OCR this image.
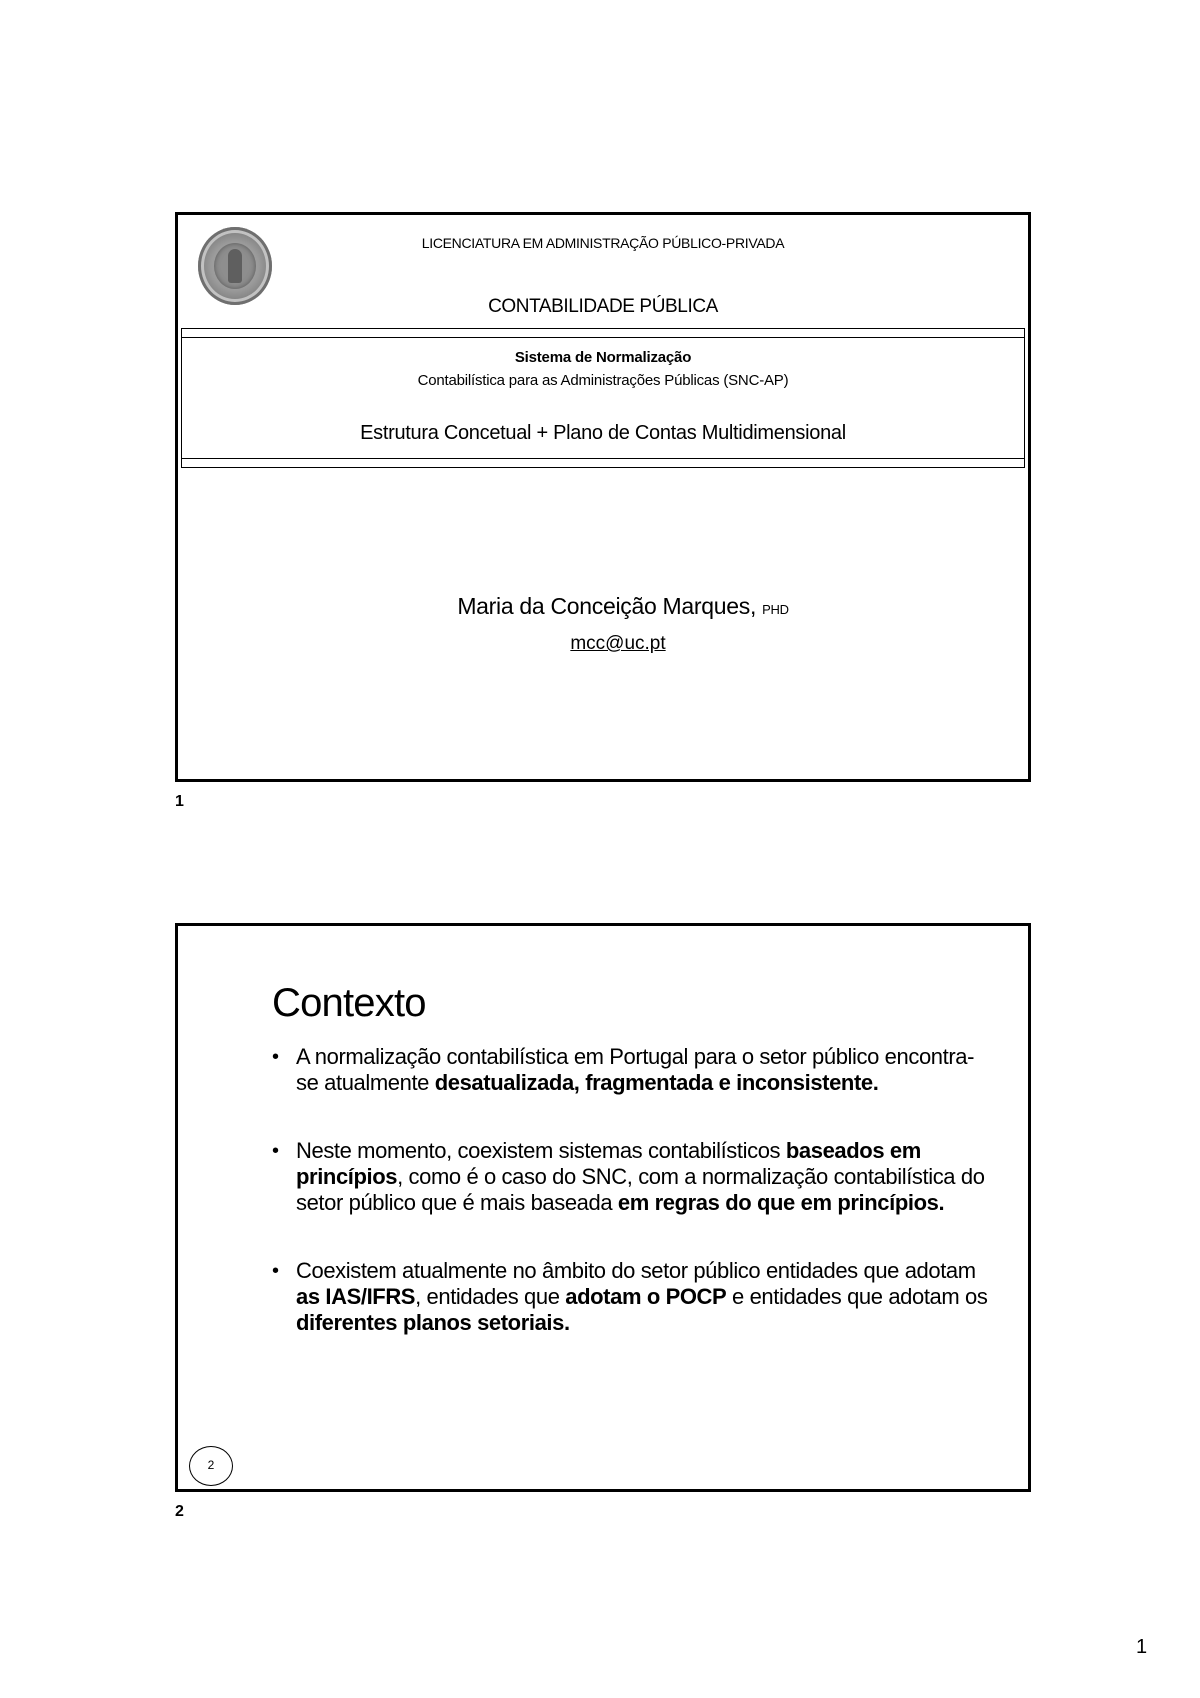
LICENCIATURA EM ADMINISTRAÇÃO PÚBLICO-PRIVADA
CONTABILIDADE PÚBLICA
Sistema de Normalização
Contabilística para as Administrações Públicas (SNC-AP)
Estrutura Concetual + Plano de Contas Multidimensional
Maria da Conceição Marques, PHD
mcc@uc.pt
1
Contexto
• A normalização contabilística em Portugal para o setor público encontra-se atualmente desatualizada, fragmentada e inconsistente.
• Neste momento, coexistem sistemas contabilísticos baseados em princípios, como é o caso do SNC, com a normalização contabilística do setor público que é mais baseada em regras do que em princípios.
• Coexistem atualmente no âmbito do setor público entidades que adotam as IAS/IFRS, entidades que adotam o POCP e entidades que adotam os diferentes planos setoriais.
2
2
1
